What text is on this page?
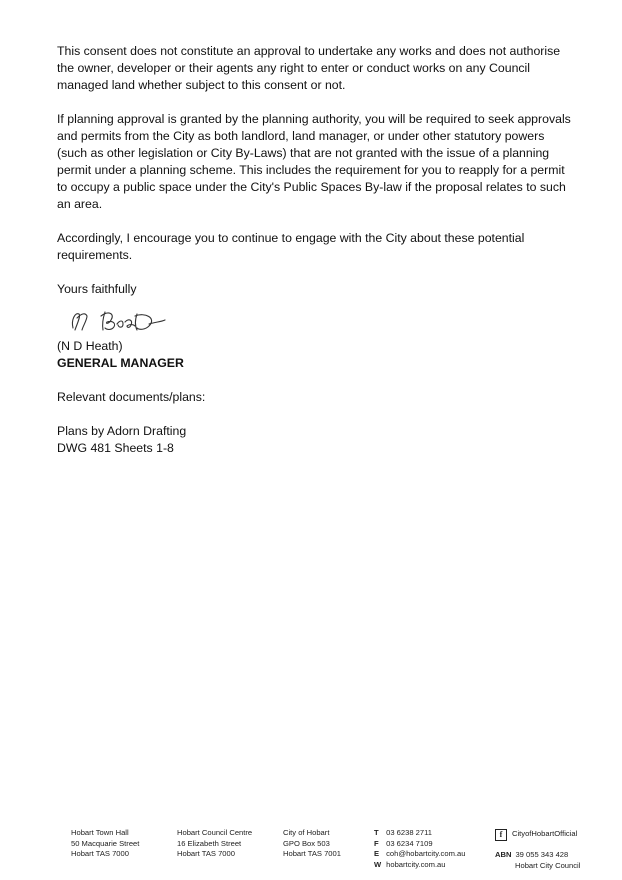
This consent does not constitute an approval to undertake any works and does not authorise
the owner, developer or their agents any right to enter or conduct works on any Council
managed land whether subject to this consent or not.

If planning approval is granted by the planning authority, you will be required to seek approvals
and permits from the City as both landlord, land manager, or under other statutory powers
(such as other legislation or City By-Laws) that are not granted with the issue of a planning
permit under a planning scheme. This includes the requirement for you to reapply for a permit
to occupy a public space under the City's Public Spaces By-law if the proposal relates to such
an area.

Accordingly, I encourage you to continue to engage with the City about these potential
requirements.

Yours faithfully

(N D Heath)
GENERAL MANAGER
Relevant documents/plans:

Plans by Adorn Drafting

DWG 481 Sheets 1-8

Hobart Town Hall
50 Macquarie Street
Hobart TAS 7000
Hobart Council Centre
16 Elizabeth Street
Hobart TAS 7000
City of Hobart
GPO Box 503
Hobart TAS 7001
T 03 6238 2711
F 03 6234 7109
E coh@hobartcity.com.au
W hobartcity.com.au
f	CityofHobartOfficial
ABN 39 055 343 428
Hobart City Council
